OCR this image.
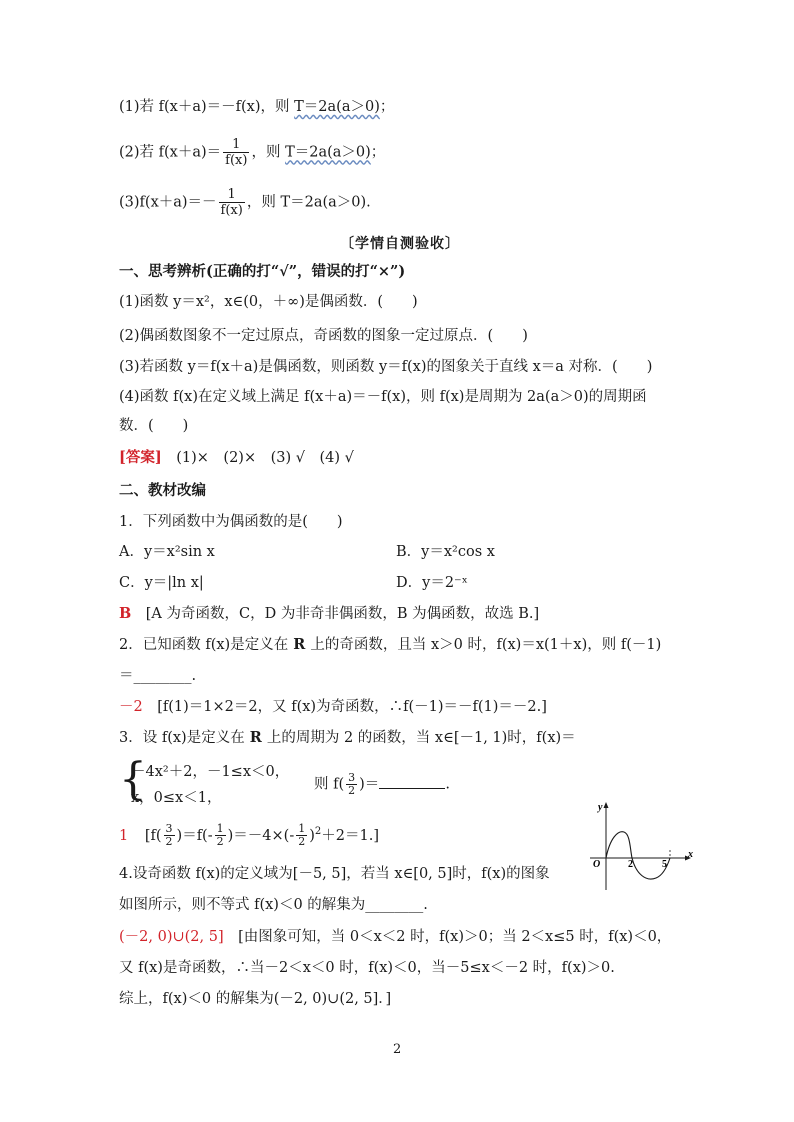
(1)若 f(x＋a)＝－f(x)，则 T＝2a(a＞0)；
(2)若 $f(x+a)= \frac{1}{f(x)}$ ，则 T＝2a(a＞0)；
$(3)f(x+a)=- \frac{1}{f(x)}$ ，则 T＝2a(a＞0).
〔学情自测验收〕
一、思考辨析(正确的打“√”，错误的打“×”)
(1)函数 y＝x²，x∈(0，＋∞)是偶函数．(　　)
(2)偶函数图象不一定过原点，奇函数的图象一定过原点．(　　)
(3)若函数 y＝f(x＋a)是偶函数，则函数 y＝f(x)的图象关于直线 x＝a 对称．(　　)
(4)函数 f(x)在定义域上满足 f(x＋a)＝－f(x)，则 f(x)是周期为 2a(a＞0)的周期函
数．(　　)
[答案]　(1)×　(2)×　(3) √　(4) √
二、教材改编
1．下列函数中为偶函数的是(　　)
A．y＝x²sin x	B．y＝x²cos x
C．y＝|ln x|	D．y＝2⁻ˣ
B　[A 为奇函数，C，D 为非奇非偶函数，B 为偶函数，故选 B.]
2．已知函数 f(x)是定义在 R 上的奇函数，且当 x＞0 时，f(x)＝x(1＋x)，则 f(－1)
＝________.
－2　[f(1)＝1×2＝2，又 f(x)为奇函数，∴f(－1)＝－f(1)＝－2.]
3．设 f(x)是定义在 R 上的周期为 2 的函数，当 x∈[－1, 1)时，f(x)＝
{
－4x²＋2，－1≤x＜0，
x，0≤x＜1，
则 $f( \frac{3}{2}$ )＝	.
1 $[f( \frac{3}{2} )=f(- \frac{1}{2} )=-4\times(- \frac{1}{2} )^2+2=1.]$
4.设奇函数 f(x)的定义域为[－5, 5]，若当 x∈[0, 5]时，f(x)的图象
如图所示，则不等式 f(x)＜0 的解集为________.
(－2, 0)∪(2, 5]　[由图象可知，当 0＜x＜2 时，f(x)＞0；当 2＜x≤5 时，f(x)＜0，
又 f(x)是奇函数，∴当－2＜x＜0 时，f(x)＜0，当－5≤x＜－2 时，f(x)＞0.
综上，f(x)＜0 的解集为(－2, 0)∪(2, 5]．]
y
x
O	2	5
2
